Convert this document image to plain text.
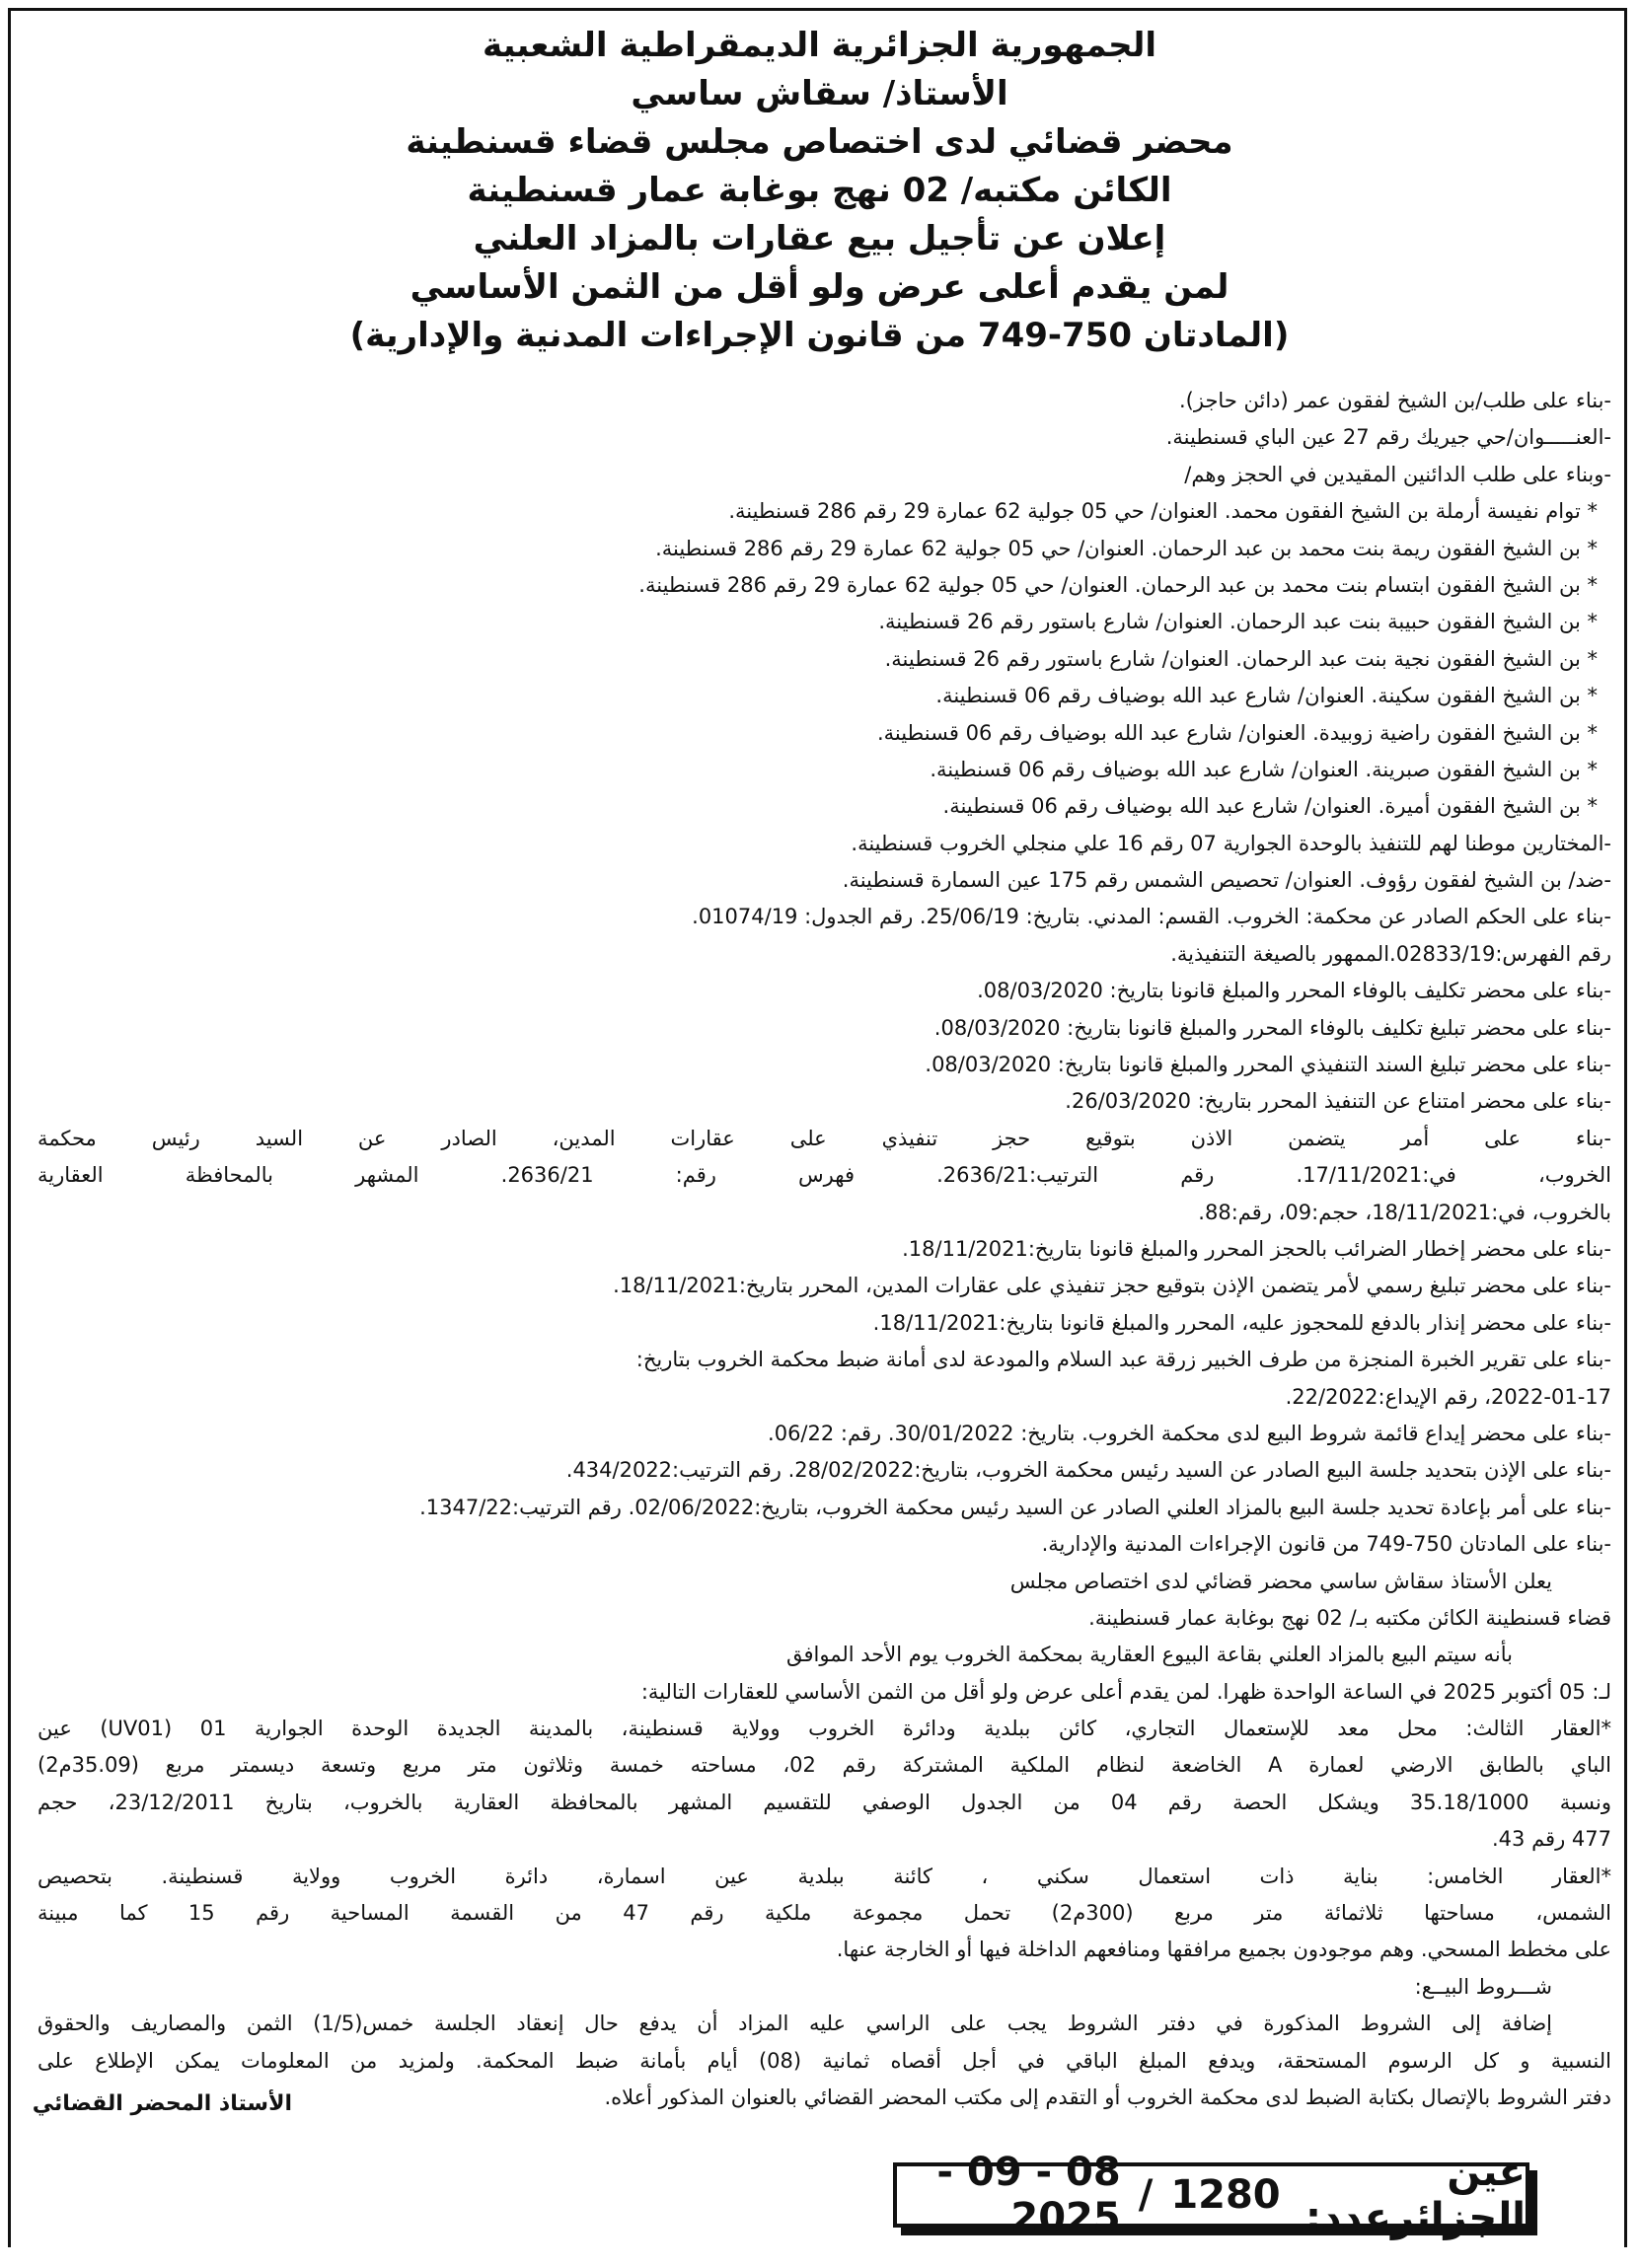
الجمهورية الجزائرية الديمقراطية الشعبية
الأستاذ/ سقاش ساسي
محضر قضائي لدى اختصاص مجلس قضاء قسنطينة
الكائن مكتبه/ 02 نهج بوغابة عمار قسنطينة
إعلان عن تأجيل بيع عقارات بالمزاد العلني
لمن يقدم أعلى عرض ولو أقل من الثمن الأساسي
(المادتان 750-749 من قانون الإجراءات المدنية والإدارية)
-بناء على طلب/بن الشيخ لفقون عمر (دائن حاجز).
-العنـــــوان/حي جيريك رقم 27 عين الباي قسنطينة.
-وبناء على طلب الدائنين المقيدين في الحجز وهم/
* توام نفيسة أرملة بن الشيخ الفقون محمد. العنوان/ حي 05 جولية 62 عمارة 29 رقم 286 قسنطينة.
* بن الشيخ الفقون ريمة بنت محمد بن عبد الرحمان. العنوان/ حي 05 جولية 62 عمارة 29 رقم 286 قسنطينة.
* بن الشيخ الفقون ابتسام بنت محمد بن عبد الرحمان. العنوان/ حي 05 جولية 62 عمارة 29 رقم 286 قسنطينة.
* بن الشيخ الفقون حبيبة بنت عبد الرحمان. العنوان/ شارع باستور رقم 26 قسنطينة.
* بن الشيخ الفقون نجية بنت عبد الرحمان. العنوان/ شارع باستور رقم 26 قسنطينة.
* بن الشيخ الفقون سكينة. العنوان/ شارع عبد الله بوضياف رقم 06 قسنطينة.
* بن الشيخ الفقون راضية زوبيدة. العنوان/ شارع عبد الله بوضياف رقم 06 قسنطينة.
* بن الشيخ الفقون صبرينة. العنوان/ شارع عبد الله بوضياف رقم 06 قسنطينة.
* بن الشيخ الفقون أميرة. العنوان/ شارع عبد الله بوضياف رقم 06 قسنطينة.
-المختارين موطنا لهم للتنفيذ بالوحدة الجوارية 07 رقم 16 علي منجلي الخروب قسنطينة.
-ضد/ بن الشيخ لفقون رؤوف. العنوان/ تحصيص الشمس رقم 175 عين السمارة قسنطينة.
-بناء على الحكم الصادر عن محكمة: الخروب. القسم: المدني. بتاريخ: 25/06/19. رقم الجدول: 01074/19.
رقم الفهرس:02833/19.الممهور بالصيغة التنفيذية.
-بناء على محضر تكليف بالوفاء المحرر والمبلغ قانونا بتاريخ: 08/03/2020.
-بناء على محضر تبليغ تكليف بالوفاء المحرر والمبلغ قانونا بتاريخ: 08/03/2020.
-بناء على محضر تبليغ السند التنفيذي المحرر والمبلغ قانونا بتاريخ: 08/03/2020.
-بناء على محضر امتناع عن التنفيذ المحرر بتاريخ: 26/03/2020.
-بناء على أمر يتضمن الاذن بتوقيع حجز تنفيذي على عقارات المدين، الصادر عن السيد رئيس محكمة
الخروب، في:17/11/2021. رقم الترتيب:2636/21. فهرس رقم: 2636/21. المشهر بالمحافظة العقارية
بالخروب، في:18/11/2021، حجم:09، رقم:88.
-بناء على محضر إخطار الضرائب بالحجز المحرر والمبلغ قانونا بتاريخ:18/11/2021.
-بناء على محضر تبليغ رسمي لأمر يتضمن الإذن بتوقيع حجز تنفيذي على عقارات المدين، المحرر بتاريخ:18/11/2021.
-بناء على محضر إنذار بالدفع للمحجوز عليه، المحرر والمبلغ قانونا بتاريخ:18/11/2021.
-بناء على تقرير الخبرة المنجزة من طرف الخبير زرقة عبد السلام والمودعة لدى أمانة ضبط محكمة الخروب بتاريخ:
2022-01-17، رقم الإيداع:22/2022.
-بناء على محضر إيداع قائمة شروط البيع لدى محكمة الخروب. بتاريخ: 30/01/2022. رقم: 06/22.
-بناء على الإذن بتحديد جلسة البيع الصادر عن السيد رئيس محكمة الخروب، بتاريخ:28/02/2022. رقم الترتيب:434/2022.
-بناء على أمر بإعادة تحديد جلسة البيع بالمزاد العلني الصادر عن السيد رئيس محكمة الخروب، بتاريخ:02/06/2022. رقم الترتيب:1347/22.
-بناء على المادتان 750-749 من قانون الإجراءات المدنية والإدارية.
يعلن الأستاذ سقاش ساسي محضر قضائي لدى اختصاص مجلس
قضاء قسنطينة الكائن مكتبه بـ/ 02 نهج بوغابة عمار قسنطينة.
بأنه سيتم البيع بالمزاد العلني بقاعة البيوع العقارية بمحكمة الخروب يوم الأحد الموافق
لـ: 05 أكتوبر 2025 في الساعة الواحدة ظهرا. لمن يقدم أعلى عرض ولو أقل من الثمن الأساسي للعقارات التالية:
*العقار الثالث: محل معد للإستعمال التجاري، كائن ببلدية ودائرة الخروب وولاية قسنطينة، بالمدينة الجديدة الوحدة الجوارية 01 (UV01) عين
الباي بالطابق الارضي لعمارة A الخاضعة لنظام الملكية المشتركة رقم 02، مساحته خمسة وثلاثون متر مربع وتسعة ديسمتر مربع (35.09م2)
ونسبة 35.18/1000 ويشكل الحصة رقم 04 من الجدول الوصفي للتقسيم المشهر بالمحافظة العقارية بالخروب، بتاريخ 23/12/2011، حجم
477 رقم 43.
*العقار الخامس: بناية ذات استعمال سكني ، كائنة ببلدية عين اسمارة، دائرة الخروب وولاية قسنطينة. بتحصيص
الشمس، مساحتها ثلاثمائة متر مربع (300م2) تحمل مجموعة ملكية رقم 47 من القسمة المساحية رقم 15 كما مبينة
على مخطط المسحي. وهم موجودون بجميع مرافقها ومنافعهم الداخلة فيها أو الخارجة عنها.
شـــروط البيــع:
إضافة إلى الشروط المذكورة في دفتر الشروط يجب على الراسي عليه المزاد أن يدفع حال إنعقاد الجلسة خمس(1/5) الثمن والمصاريف والحقوق
النسبية و كل الرسوم المستحقة، ويدفع المبلغ الباقي في أجل أقصاه ثمانية (08) أيام بأمانة ضبط المحكمة. ولمزيد من المعلومات يمكن الإطلاع على
دفتر الشروط بالإتصال بكتابة الضبط لدى محكمة الخروب أو التقدم إلى مكتب المحضر القضائي بالعنوان المذكور أعلاه.
الأستاذ المحضر القضائي
عين الجزائرعدد:
1280
/
08 - 09 - 2025
